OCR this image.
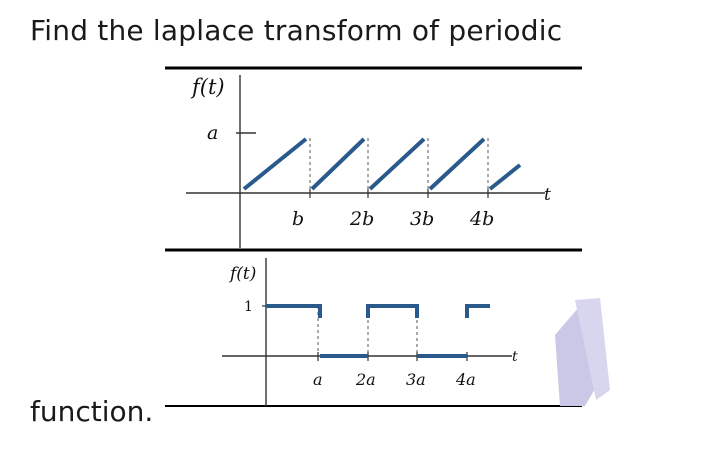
Find the laplace transform of periodic
function.
f(t)
a
b 2b 3b 4b
t
f(t)
1
a 2a 3a 4a
t
